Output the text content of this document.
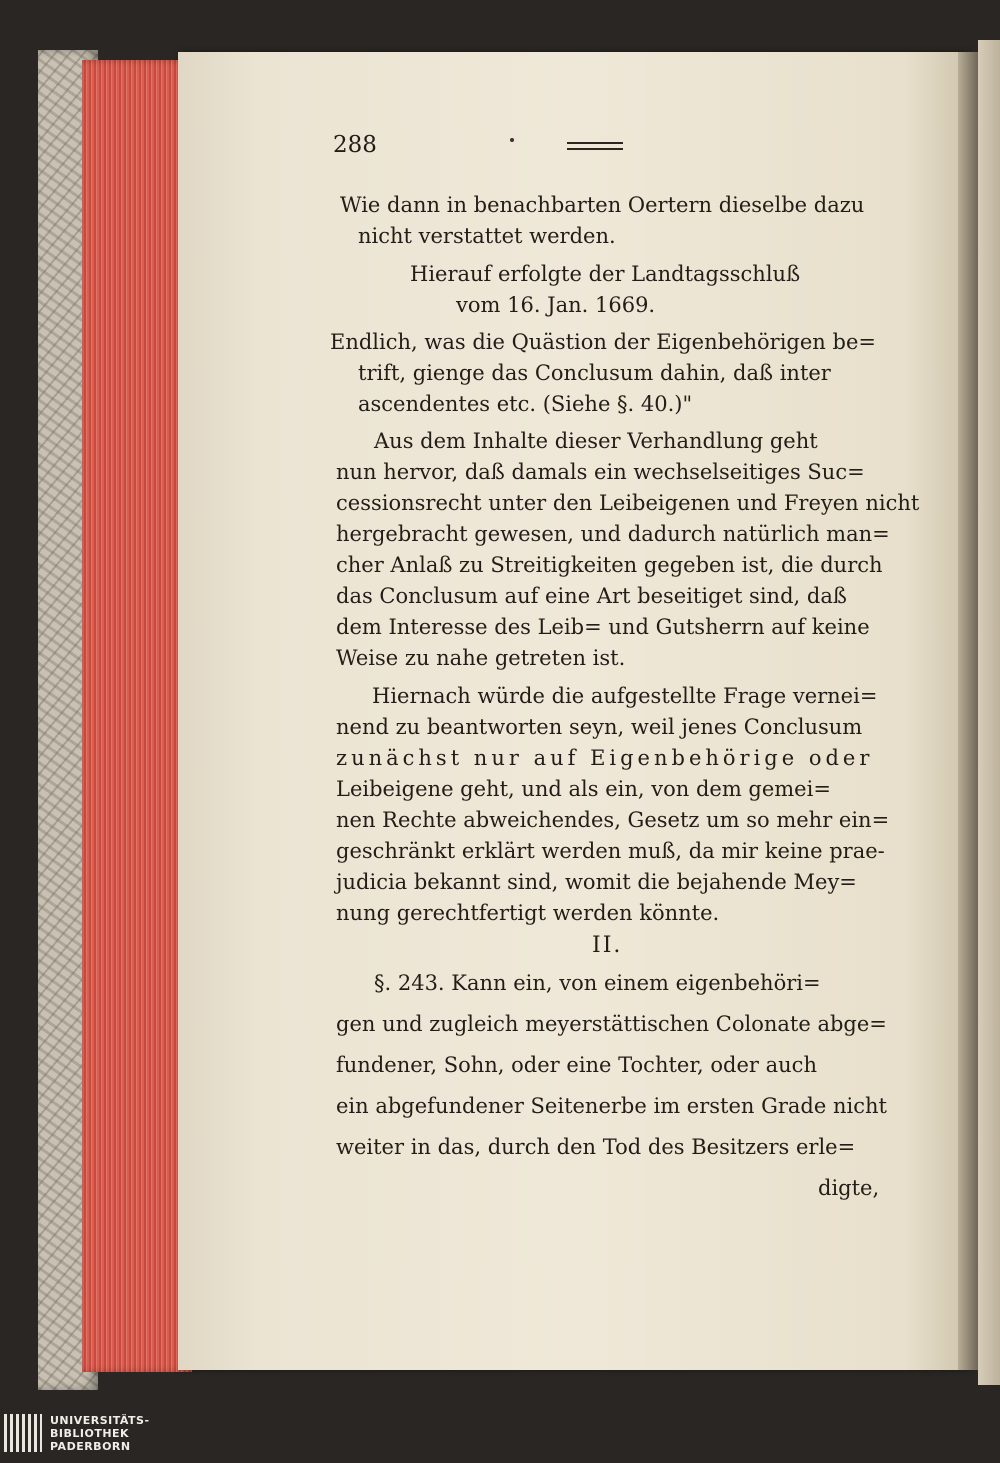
288
Wie dann in benachbarten Oertern dieselbe dazu
nicht verstattet werden.
Hierauf erfolgte der Landtagsschluß
vom 16. Jan. 1669.
Endlich, was die Quästion der Eigenbehörigen be=
trift, gienge das Conclusum dahin, daß inter
ascendentes etc. (Siehe §. 40.)"
Aus dem Inhalte dieser Verhandlung geht
nun hervor, daß damals ein wechselseitiges Suc=
cessionsrecht unter den Leibeigenen und Freyen nicht
hergebracht gewesen, und dadurch natürlich man=
cher Anlaß zu Streitigkeiten gegeben ist, die durch
das Conclusum auf eine Art beseitiget sind, daß
dem Interesse des Leib= und Gutsherrn auf keine
Weise zu nahe getreten ist.
Hiernach würde die aufgestellte Frage vernei=
nend zu beantworten seyn, weil jenes Conclusum
zunächst nur auf Eigenbehörige oder
Leibeigene geht, und als ein, von dem gemei=
nen Rechte abweichendes, Gesetz um so mehr ein=
geschränkt erklärt werden muß, da mir keine prae-
judicia bekannt sind, womit die bejahende Mey=
nung gerechtfertigt werden könnte.
II.
§. 243. Kann ein, von einem eigenbehöri=
gen und zugleich meyerstättischen Colonate abge=
fundener, Sohn, oder eine Tochter, oder auch
ein abgefundener Seitenerbe im ersten Grade nicht
weiter in das, durch den Tod des Besitzers erle=
digte,
UNIVERSITÄTS-
BIBLIOTHEK
PADERBORN
